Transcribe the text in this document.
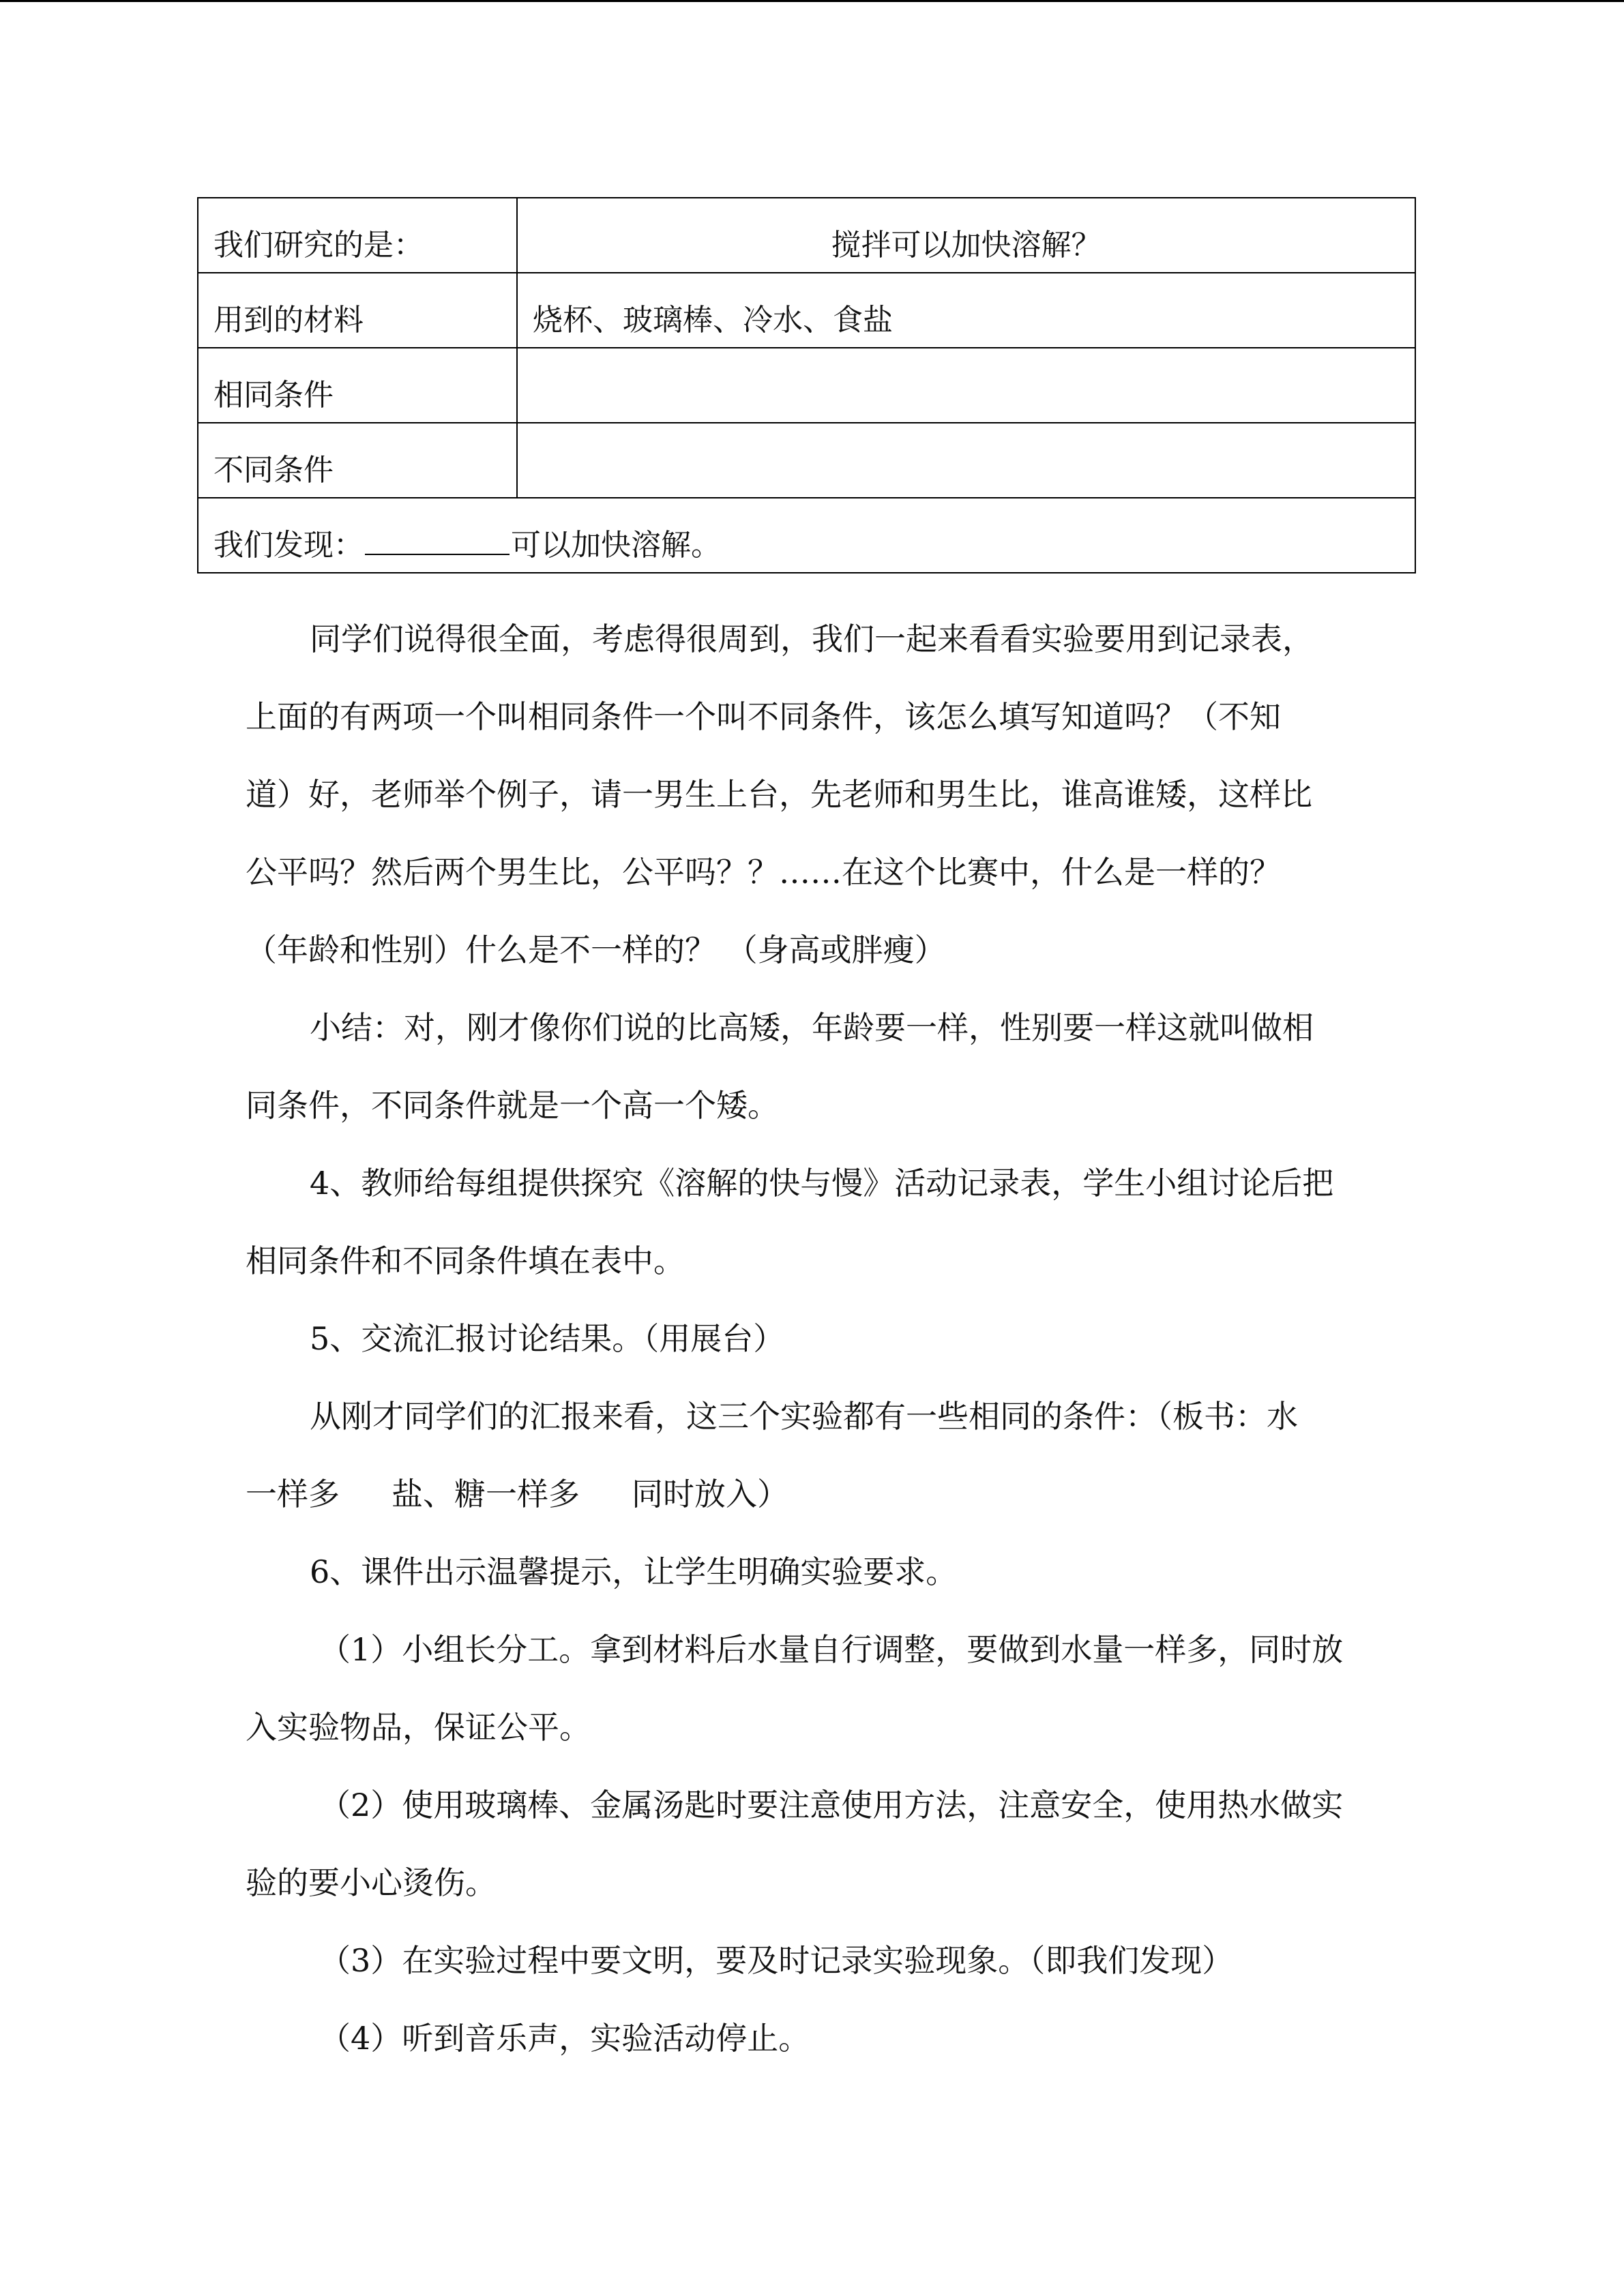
我们研究的是：	搅拌可以加快溶解？
用到的材料	烧杯、玻璃棒、冷水、食盐
相同条件	
不同条件	
我们发现： 可以加快溶解。	
同学们说得很全面，考虑得很周到，我们一起来看看实验要用到记录表，
上面的有两项一个叫相同条件一个叫不同条件，该怎么填写知道吗？（不知
道）好，老师举个例子，请一男生上台，先老师和男生比，谁高谁矮，这样比
公平吗？然后两个男生比，公平吗？？……在这个比赛中，什么是一样的？
（年龄和性别）什么是不一样的？ （身高或胖瘦）
小结：对，刚才像你们说的比高矮，年龄要一样，性别要一样这就叫做相
同条件，不同条件就是一个高一个矮。
4、教师给每组提供探究《溶解的快与慢》活动记录表，学生小组讨论后把
相同条件和不同条件填在表中。
5、交流汇报讨论结果。（用展台）
从刚才同学们的汇报来看，这三个实验都有一些相同的条件：（板书：水
一样多 盐、糖一样多 同时放入）
6、课件出示温馨提示，让学生明确实验要求。
（1）小组长分工。拿到材料后水量自行调整，要做到水量一样多，同时放
入实验物品，保证公平。
（2）使用玻璃棒、金属汤匙时要注意使用方法，注意安全，使用热水做实
验的要小心烫伤。
（3）在实验过程中要文明，要及时记录实验现象。（即我们发现）
（4）听到音乐声，实验活动停止。
